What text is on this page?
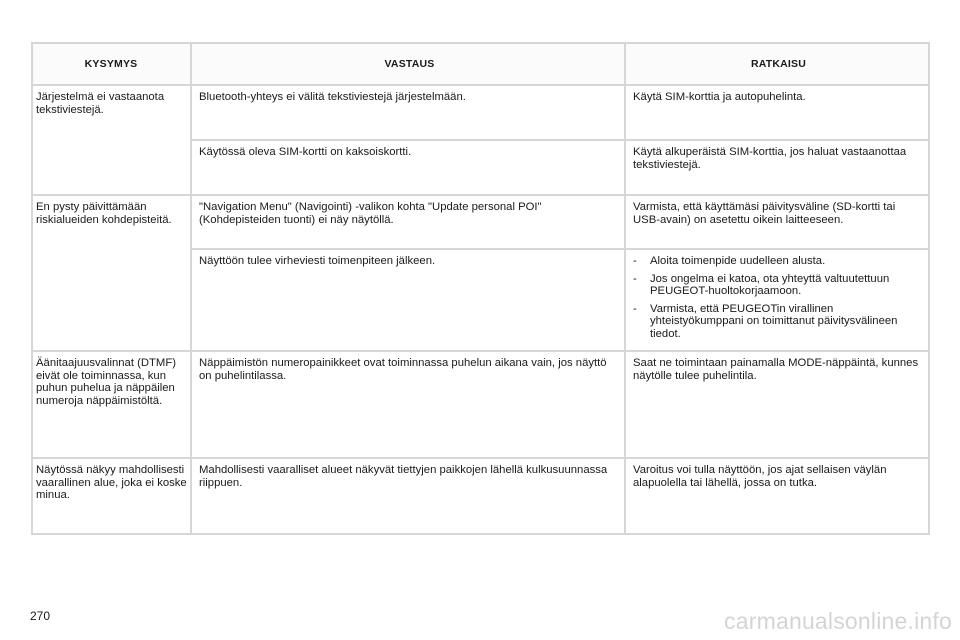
KYSYMYS	VASTAUS	RATKAISU
Järjestelmä ei vastaanota tekstiviestejä.
Bluetooth-yhteys ei välitä tekstiviestejä järjestelmään.	Käytä SIM-korttia ja autopuhelinta.
Käytössä oleva SIM-kortti on kaksoiskortti.	Käytä alkuperäistä SIM-korttia, jos haluat vastaanottaa tekstiviestejä.
En pysty päivittämään riskialueiden kohdepisteitä.
"Navigation Menu" (Navigointi) -valikon kohta "Update personal POI" (Kohdepisteiden tuonti) ei näy näytöllä.
Varmista, että käyttämäsi päivitysväline (SD-kortti tai USB-avain) on asetettu oikein laitteeseen.
Näyttöön tulee virheviesti toimenpiteen jälkeen.
-	Aloita toimenpide uudelleen alusta.
- Jos ongelma ei katoa, ota yhteyttä valtuutettuun PEUGEOT-huoltokorjaamoon.
- Varmista, että PEUGEOTin virallinen yhteistyökumppani on toimittanut päivitysvälineen tiedot.
Äänitaajuusvalinnat (DTMF) eivät ole toiminnassa, kun puhun puhelua ja näppäilen numeroja näppäimistöltä.
Näppäimistön numeropainikkeet ovat toiminnassa puhelun aikana vain, jos näyttö on puhelintilassa.
Saat ne toimintaan painamalla MODE-näppäintä, kunnes näytölle tulee puhelintila.
Näytössä näkyy mahdollisesti vaarallinen alue, joka ei koske minua.
Mahdollisesti vaaralliset alueet näkyvät tiettyjen paikkojen lähellä kulkusuunnassa riippuen.
Varoitus voi tulla näyttöön, jos ajat sellaisen väylän alapuolella tai lähellä, jossa on tutka.
270	carmanualsonline.info
